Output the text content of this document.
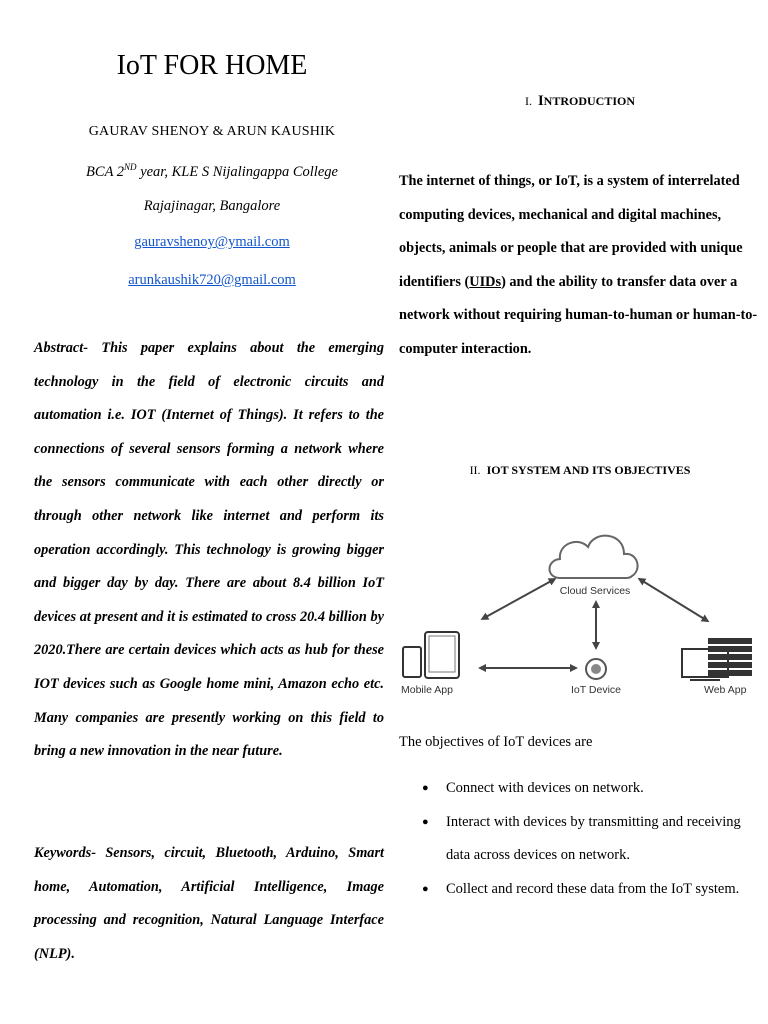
IoT FOR HOME
GAURAV SHENOY & ARUN KAUSHIK
BCA 2ND year, KLE S Nijalingappa College
Rajajinagar, Bangalore
gauravshenoy@ymail.com
arunkaushik720@gmail.com
Abstract- This paper explains about the emerging technology in the field of electronic circuits and automation i.e. IOT (Internet of Things). It refers to the connections of several sensors forming a network where the sensors communicate with each other directly or through other network like internet and perform its operation accordingly. This technology is growing bigger and bigger day by day. There are about 8.4 billion IoT devices at present and it is estimated to cross 20.4 billion by 2020.There are certain devices which acts as hub for these IOT devices such as Google home mini, Amazon echo etc. Many companies are presently working on this field to bring a new innovation in the near future.
Keywords- Sensors, circuit, Bluetooth, Arduino, Smart home, Automation, Artificial Intelligence, Image processing and recognition, Natural Language Interface (NLP).
I. INTRODUCTION
The internet of things, or IoT, is a system of interrelated computing devices, mechanical and digital machines, objects, animals or people that are provided with unique identifiers (UIDs) and the ability to transfer data over a network without requiring human-to-human or human-to-computer interaction.
II. IOT SYSTEM AND ITS OBJECTIVES
Cloud Services
Mobile App	IoT Device	Web App
The objectives of IoT devices are
● Connect with devices on network.
● Interact with devices by transmitting and receiving data across devices on network.
● Collect and record these data from the IoT system.
